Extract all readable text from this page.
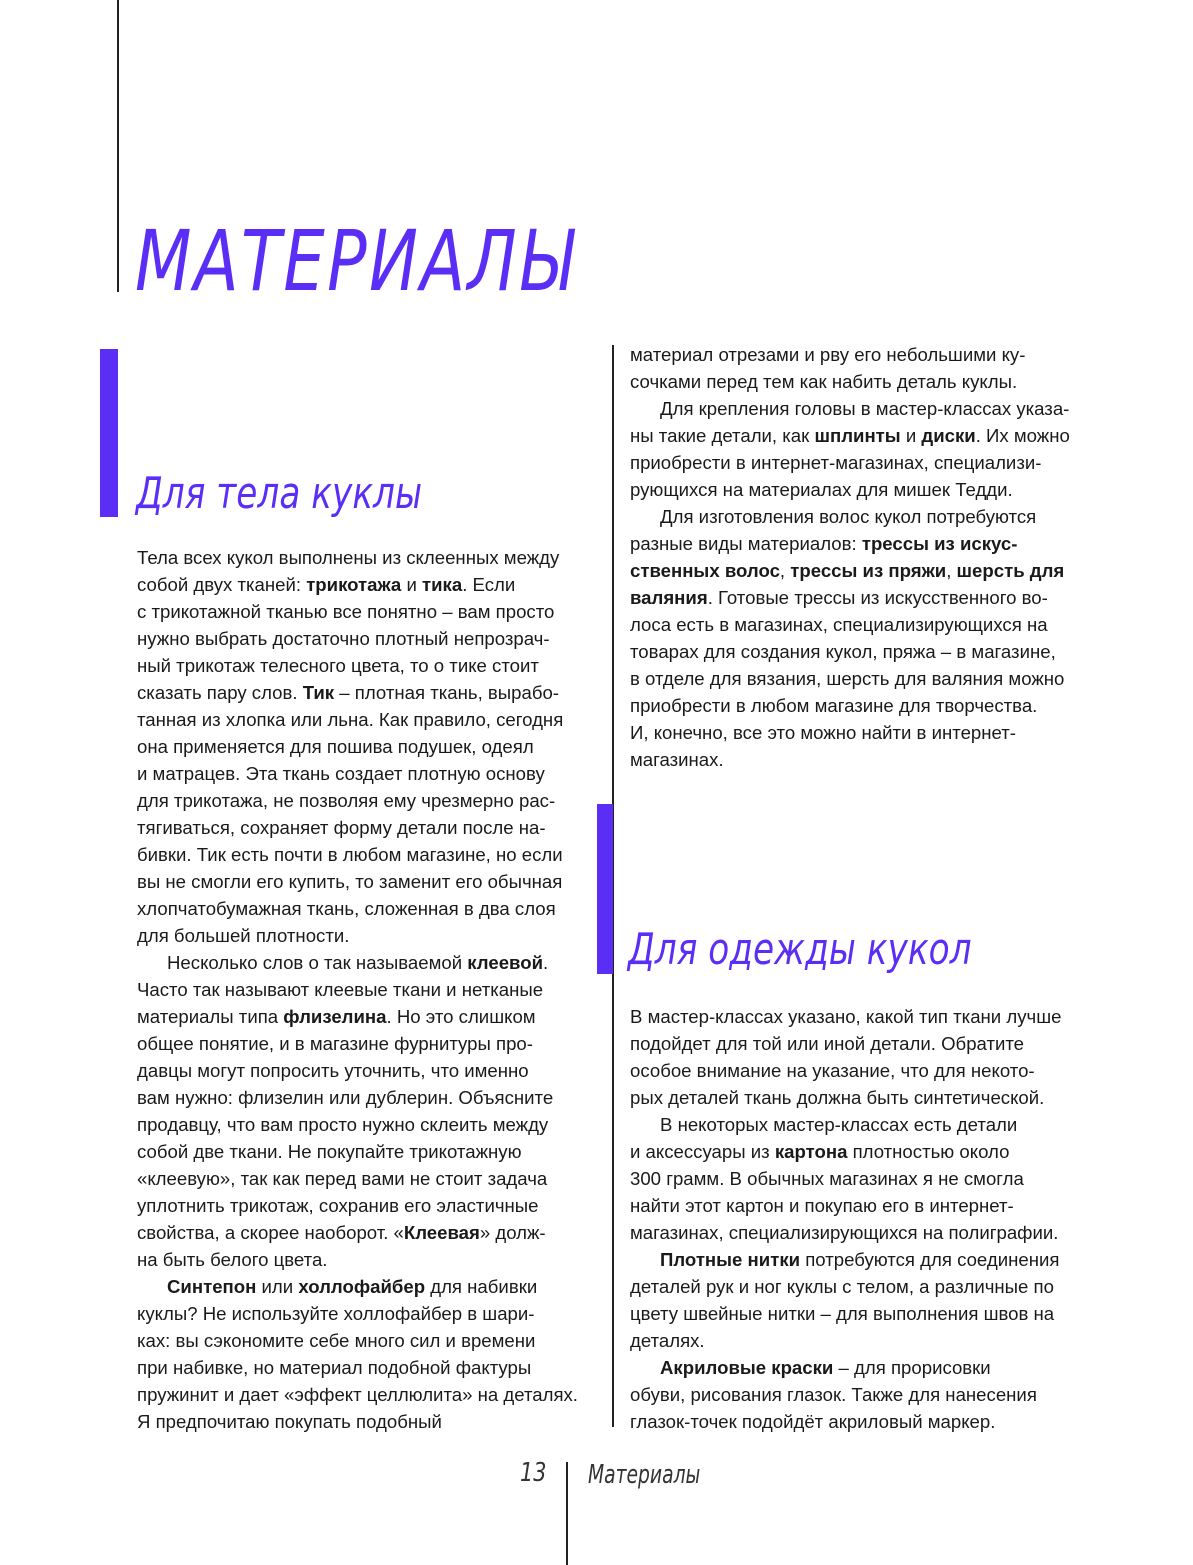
МАТЕРИАЛЫ
Для тела куклы

Тела всех кукол выполнены из склеенных между

собой двух тканей: трикотажа и тика. Если

с трикотажной тканью все понятно – вам просто

нужно выбрать достаточно плотный непрозрач-

ный трикотаж телесного цвета, то о тике стоит

сказать пару слов. Тик – плотная ткань, вырабо-

танная из хлопка или льна. Как правило, сегодня

она применяется для пошива подушек, одеял

и матрацев. Эта ткань создает плотную основу

для трикотажа, не позволяя ему чрезмерно рас-

тягиваться, сохраняет форму детали после на-

бивки. Тик есть почти в любом магазине, но если

вы не смогли его купить, то заменит его обычная

хлопчатобумажная ткань, сложенная в два слоя

для большей плотности.

Несколько слов о так называемой клеевой.

Часто так называют клеевые ткани и нетканые

материалы типа флизелина. Но это слишком

общее понятие, и в магазине фурнитуры про-

давцы могут попросить уточнить, что именно

вам нужно: флизелин или дублерин. Объясните

продавцу, что вам просто нужно склеить между

собой две ткани. Не покупайте трикотажную

«клеевую», так как перед вами не стоит задача

уплотнить трикотаж, сохранив его эластичные

свойства, а скорее наоборот. «Клеевая» долж-

на быть белого цвета.

Синтепон или холлофайбер для набивки

куклы? Не используйте холлофайбер в шари-

ках: вы сэкономите себе много сил и времени

при набивке, но материал подобной фактуры

пружинит и дает «эффект целлюлита» на деталях.

Я предпочитаю покупать подобный

материал отрезами и рву его небольшими ку-

сочками перед тем как набить деталь куклы.

Для крепления головы в мастер-классах указа-

ны такие детали, как шплинты и диски. Их можно

приобрести в интернет-магазинах, специализи-

рующихся на материалах для мишек Тедди.

Для изготовления волос кукол потребуются

разные виды материалов: трессы из искус-

ственных волос, трессы из пряжи, шерсть для

валяния. Готовые трессы из искусственного во-

лоса есть в магазинах, специализирующихся на

товарах для создания кукол, пряжа – в магазине,

в отделе для вязания, шерсть для валяния можно

приобрести в любом магазине для творчества.

И, конечно, все это можно найти в интернет-

магазинах.

Для одежды кукол

В мастер-классах указано, какой тип ткани лучше

подойдет для той или иной детали. Обратите

особое внимание на указание, что для некото-

рых деталей ткань должна быть синтетической.

В некоторых мастер-классах есть детали

и аксессуары из картона плотностью около

300 грамм. В обычных магазинах я не смогла

найти этот картон и покупаю его в интернет-

магазинах, специализирующихся на полиграфии.

Плотные нитки потребуются для соединения

деталей рук и ног куклы с телом, а различные по

цвету швейные нитки – для выполнения швов на

деталях.

Акриловые краски – для прорисовки

обуви, рисования глазок. Также для нанесения

глазок-точек подойдёт акриловый маркер.

13 Материалы
